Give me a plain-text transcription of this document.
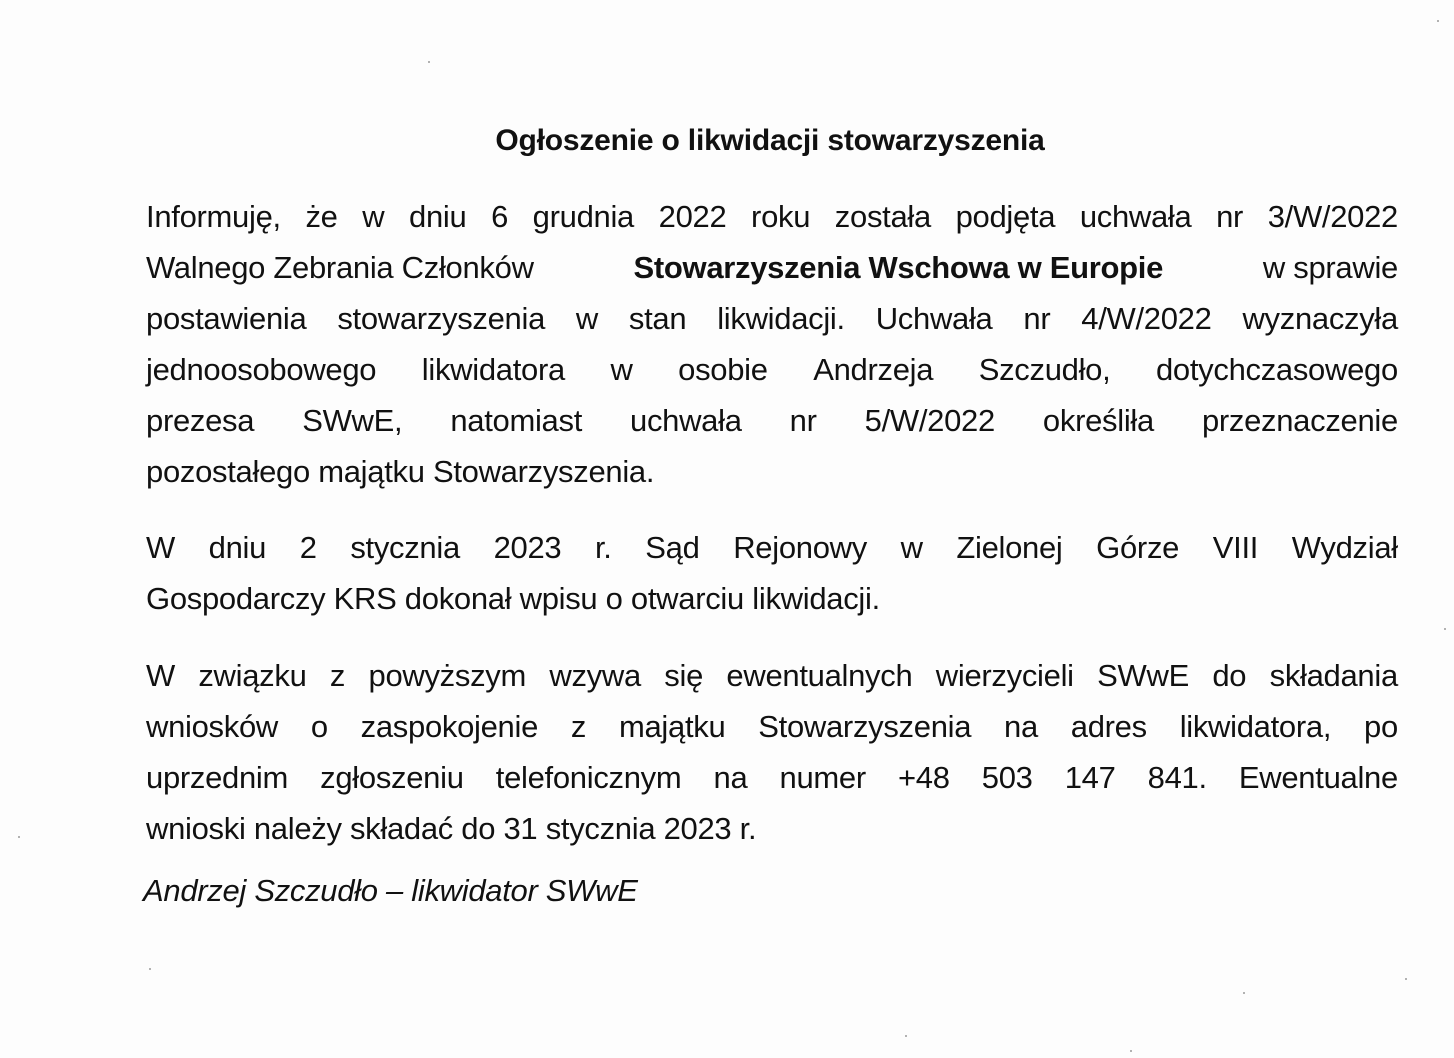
Ogłoszenie o likwidacji stowarzyszenia
Informuję, że w dniu 6 grudnia 2022 roku została podjęta uchwała nr 3/W/2022
Walnego Zebrania Członków	Stowarzyszenia Wschowa w Europie	w sprawie
postawienia stowarzyszenia w stan likwidacji. Uchwała nr 4/W/2022 wyznaczyła
jednoosobowego likwidatora w osobie Andrzeja Szczudło, dotychczasowego
prezesa SWwE, natomiast uchwała nr 5/W/2022 określiła przeznaczenie
pozostałego majątku Stowarzyszenia.
W dniu 2 stycznia 2023 r. Sąd Rejonowy w Zielonej Górze VIII Wydział
Gospodarczy KRS dokonał wpisu o otwarciu likwidacji.
W związku z powyższym wzywa się ewentualnych wierzycieli SWwE do składania
wniosków o zaspokojenie z majątku Stowarzyszenia na adres likwidatora, po
uprzednim zgłoszeniu telefonicznym na numer +48 503 147 841. Ewentualne
wnioski należy składać do 31 stycznia 2023 r.
Andrzej Szczudło – likwidator SWwE
